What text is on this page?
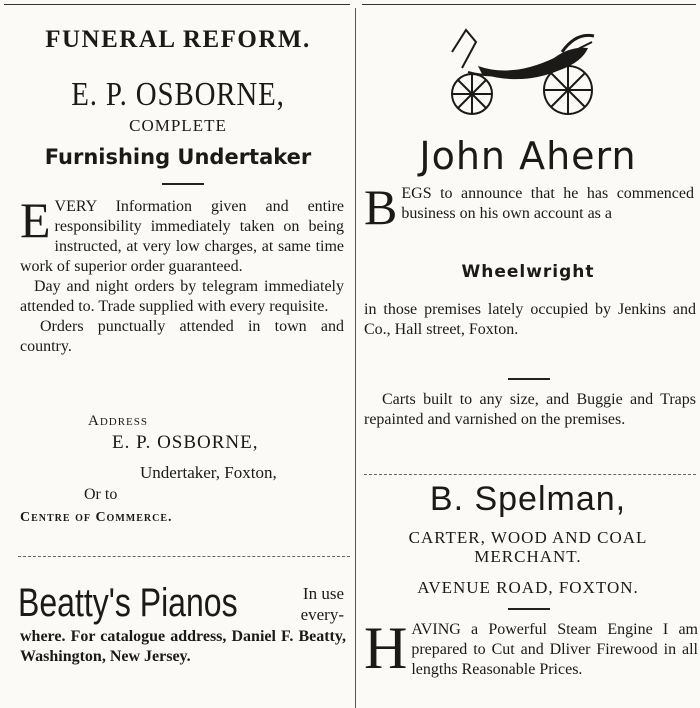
FUNERAL REFORM.
E. P. OSBORNE,
COMPLETE
Furnishing Undertaker
E VERY Information given and entire responsibility immediately taken on being instructed, at very low charges, at same time work of superior order guaranteed.
Day and night orders by telegram immediately attended to. Trade supplied with every requisite.
Orders punctually attended in town and country.
Address
E. P. OSBORNE,
Undertaker, Foxton,
Or to
Centre of Commerce.
Beatty's Pianos	In use every-
where. For catalogue address, Daniel F. Beatty, Washington, New Jersey.
John Ahern
B EGS to announce that he has commenced business on his own account as a
Wheelwright
in those premises lately occupied by Jenkins and Co., Hall street, Foxton.
Carts built to any size, and Buggie and Traps repainted and varnished on the premises.
B. Spelman,
CARTER, WOOD AND COAL MERCHANT.
AVENUE ROAD, FOXTON.
H AVING a Powerful Steam Engine I am prepared to Cut and Dliver Firewood in all lengths Reasonable Prices.
